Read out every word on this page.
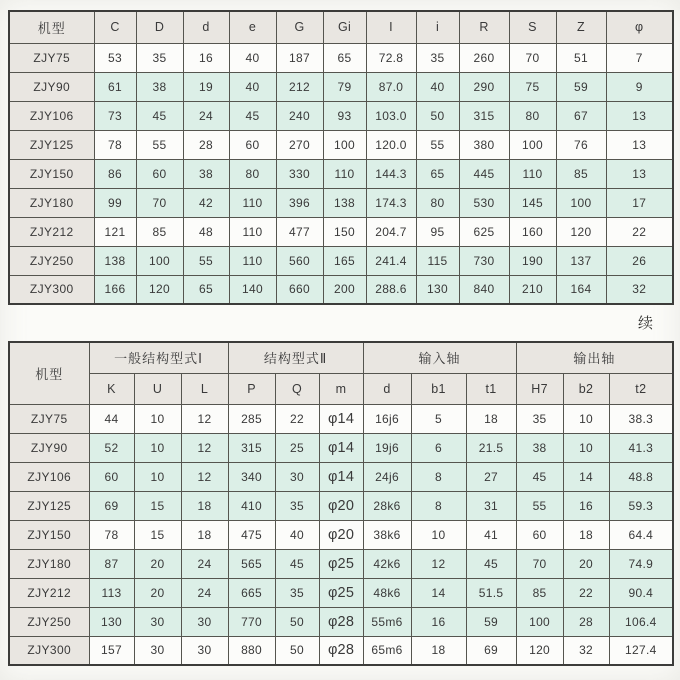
机型	C	D	d	e	G	Gi	I	i	R	S	Z	φ
ZJY75	53	35	16	40	187	65	72.8	35	260	70	51	7
ZJY90	61	38	19	40	212	79	87.0	40	290	75	59	9
ZJY106	73	45	24	45	240	93	103.0	50	315	80	67	13
ZJY125	78	55	28	60	270	100	120.0	55	380	100	76	13
ZJY150	86	60	38	80	330	110	144.3	65	445	110	85	13
ZJY180	99	70	42	110	396	138	174.3	80	530	145	100	17
ZJY212	121	85	48	110	477	150	204.7	95	625	160	120	22
ZJY250	138	100	55	110	560	165	241.4	115	730	190	137	26
ZJY300	166	120	65	140	660	200	288.6	130	840	210	164	32
续
机型	一般结构型式Ⅰ			结构型式Ⅱ			输入轴			输出轴		
	K	U	L	P	Q	m	d	b1	t1	H7	b2	t2
ZJY75	44	10	12	285	22	φ14	16j6	5	18	35	10	38.3
ZJY90	52	10	12	315	25	φ14	19j6	6	21.5	38	10	41.3
ZJY106	60	10	12	340	30	φ14	24j6	8	27	45	14	48.8
ZJY125	69	15	18	410	35	φ20	28k6	8	31	55	16	59.3
ZJY150	78	15	18	475	40	φ20	38k6	10	41	60	18	64.4
ZJY180	87	20	24	565	45	φ25	42k6	12	45	70	20	74.9
ZJY212	113	20	24	665	35	φ25	48k6	14	51.5	85	22	90.4
ZJY250	130	30	30	770	50	φ28	55m6	16	59	100	28	106.4
ZJY300	157	30	30	880	50	φ28	65m6	18	69	120	32	127.4
